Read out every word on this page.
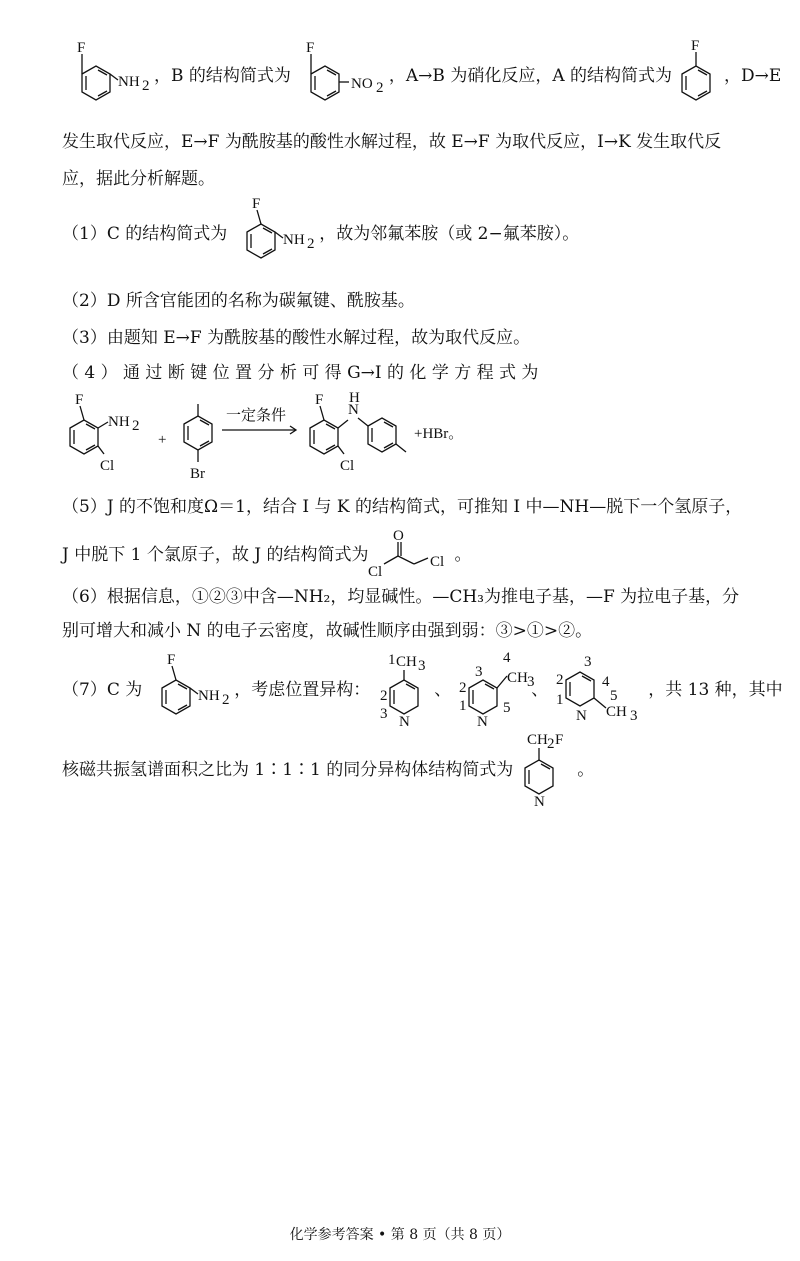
F
NH 2 ，B 的结构简式为
F
NO 2
，A→B 为硝化反应，A 的结构简式为
F
，D→E
发生取代反应，E→F 为酰胺基的酸性水解过程，故 E→F 为取代反应，I→K 发生取代反
应，据此分析解题。
（1）C 的结构简式为
F
NH 2 ，故为邻氟苯胺（或 2−氟苯胺）。
（2）D 所含官能团的名称为碳氟键、酰胺基。
（3）由题知 E→F 为酰胺基的酸性水解过程，故为取代反应。
（ 4 ） 通 过 断 键 位 置 分 析 可 得 G→I 的 化 学 方 程 式 为
F
NH 2
Cl
+
Br
一定条件
F
N
H
Cl
+HBr。
（5）J 的不饱和度Ω＝1，结合 I 与 K 的结构简式，可推知 I 中—NH—脱下一个氢原子，
J 中脱下 1 个氯原子，故 J 的结构简式为
Cl
O
Cl 。
（6）根据信息，①②③中含—NH₂，均显碱性。—CH₃为推电子基，—F 为拉电子基，分
别可增大和减小 N 的电子云密度，故碱性顺序由强到弱：③>①>②。
（7）C 为
F
NH 2 ，考虑位置异构：
1 CH 3
2
3 N
、 2
3
4
CH 3
1
N
5
、
3
2	4
1
N
5
CH 3
，共 13 种，其中
核磁共振氢谱面积之比为 1∶1∶1 的同分异构体结构简式为
CH 2 F
N
。
化学参考答案 • 第 8 页（共 8 页）
